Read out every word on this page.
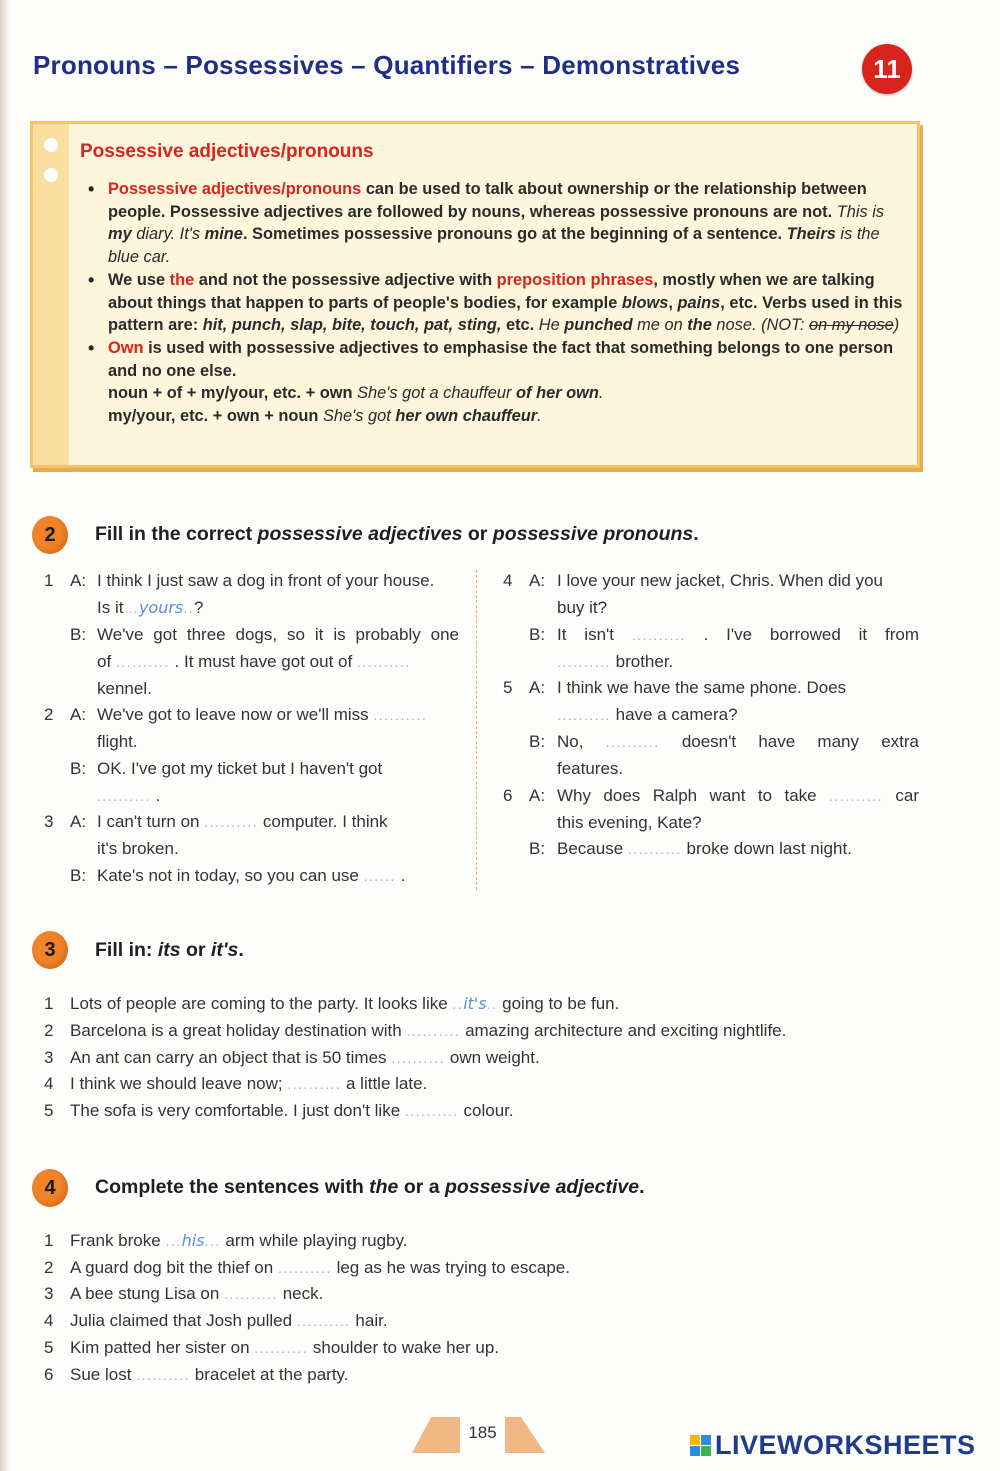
Pronouns – Possessives – Quantifiers – Demonstratives	11
Possessive adjectives/pronouns
• Possessive adjectives/pronouns can be used to talk about ownership or the relationship between people. Possessive adjectives are followed by nouns, whereas possessive pronouns are not. This is my diary. It's mine. Sometimes possessive pronouns go at the beginning of a sentence. Theirs is the blue car.
• We use the and not the possessive adjective with preposition phrases, mostly when we are talking about things that happen to parts of people's bodies, for example blows, pains, etc. Verbs used in this pattern are: hit, punch, slap, bite, touch, pat, sting, etc. He punched me on the nose. (NOT: on my nose)
• Own is used with possessive adjectives to emphasise the fact that something belongs to one person and no one else.
noun + of + my/your, etc. + own She's got a chauffeur of her own.
my/your, etc. + own + noun She's got her own chauffeur.
2	Fill in the correct possessive adjectives or possessive pronouns.
1 A: I think I just saw a dog in front of your house.
Is it ..yours..?
B: We've got three dogs, so it is probably one
of .......... . It must have got out of ..........
kennel.
2 A: We've got to leave now or we'll miss ..........
flight.
B: OK. I've got my ticket but I haven't got
.......... .
3 A: I can't turn on .......... computer. I think
it's broken.
B: Kate's not in today, so you can use ...... .
4 A: I love your new jacket, Chris. When did you
buy it?
B: It isn't .......... . I've borrowed it from
.......... brother.
5 A: I think we have the same phone. Does
.......... have a camera?
B: No, .......... doesn't have many extra
features.
6 A: Why does Ralph want to take .......... car
this evening, Kate?
B: Because .......... broke down last night.
3	Fill in: its or it's.
1 Lots of people are coming to the party. It looks like ..it's.. going to be fun.
2 Barcelona is a great holiday destination with .......... amazing architecture and exciting nightlife.
3 An ant can carry an object that is 50 times .......... own weight.
4 I think we should leave now; .......... a little late.
5 The sofa is very comfortable. I just don't like .......... colour.
4	Complete the sentences with the or a possessive adjective.
1 Frank broke ...his... arm while playing rugby.
2 A guard dog bit the thief on .......... leg as he was trying to escape.
3 A bee stung Lisa on .......... neck.
4 Julia claimed that Josh pulled .......... hair.
5 Kim patted her sister on .......... shoulder to wake her up.
6 Sue lost .......... bracelet at the party.
185	LIVEWORKSHEETS
